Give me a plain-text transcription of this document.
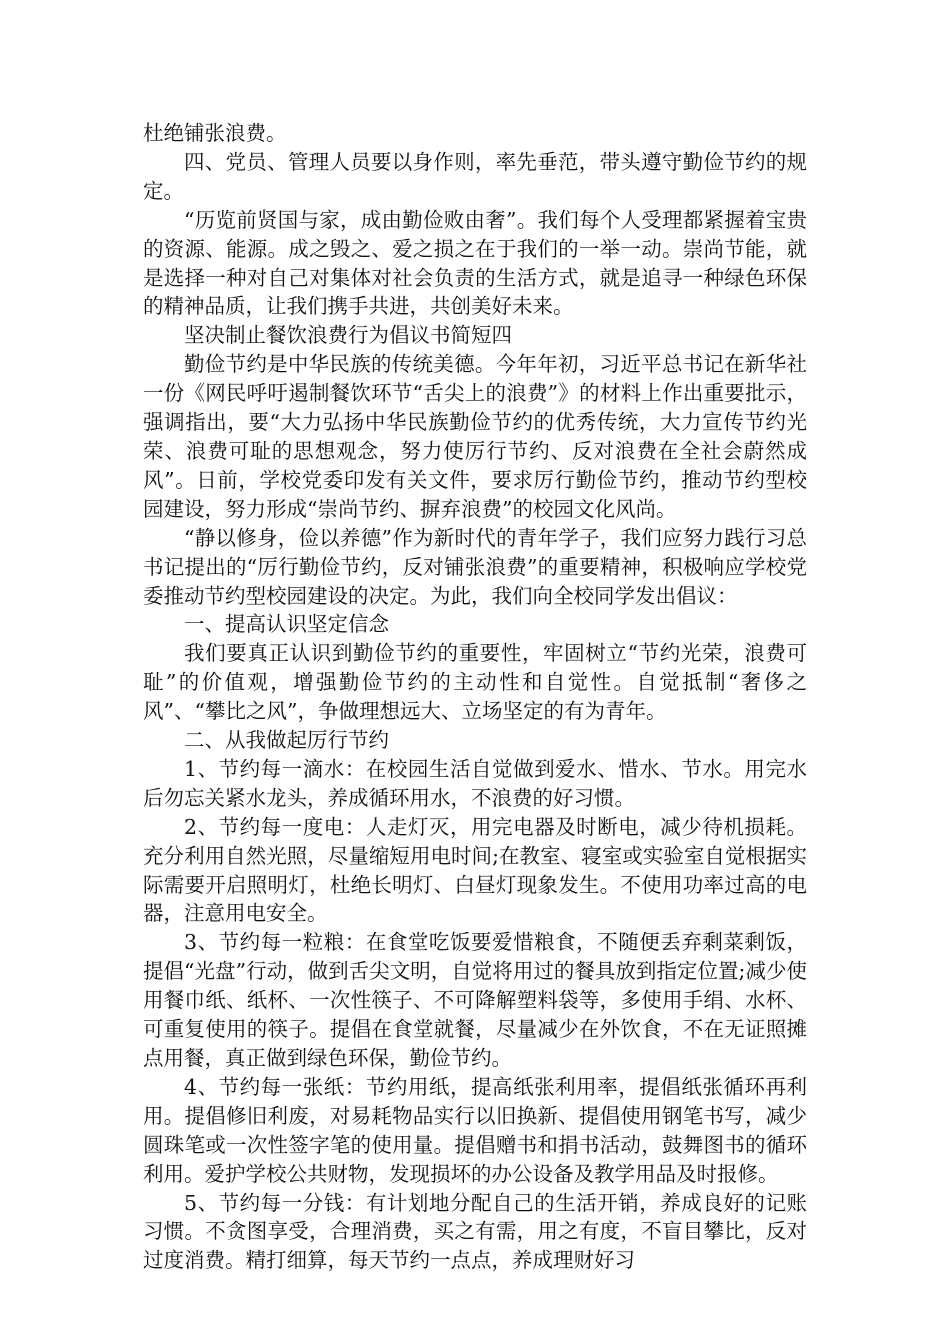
杜绝铺张浪费。

四、党员、管理人员要以身作则，率先垂范，带头遵守勤俭节约的规定。

“历览前贤国与家，成由勤俭败由奢”。我们每个人受理都紧握着宝贵的资源、能源。成之毁之、爱之损之在于我们的一举一动。崇尚节能，就是选择一种对自己对集体对社会负责的生活方式，就是追寻一种绿色环保的精神品质，让我们携手共进，共创美好未来。

坚决制止餐饮浪费行为倡议书简短四

勤俭节约是中华民族的传统美德。今年年初，习近平总书记在新华社一份《网民呼吁遏制餐饮环节“舌尖上的浪费”》的材料上作出重要批示，强调指出，要“大力弘扬中华民族勤俭节约的优秀传统，大力宣传节约光荣、浪费可耻的思想观念，努力使厉行节约、反对浪费在全社会蔚然成风”。日前，学校党委印发有关文件，要求厉行勤俭节约，推动节约型校园建设，努力形成“崇尚节约、摒弃浪费”的校园文化风尚。

“静以修身，俭以养德”作为新时代的青年学子，我们应努力践行习总书记提出的“厉行勤俭节约，反对铺张浪费”的重要精神，积极响应学校党委推动节约型校园建设的决定。为此，我们向全校同学发出倡议：

一、提高认识坚定信念

我们要真正认识到勤俭节约的重要性，牢固树立“节约光荣，浪费可耻”的价值观，增强勤俭节约的主动性和自觉性。自觉抵制“奢侈之风”、“攀比之风”，争做理想远大、立场坚定的有为青年。

二、从我做起厉行节约

1、节约每一滴水：在校园生活自觉做到爱水、惜水、节水。用完水后勿忘关紧水龙头，养成循环用水，不浪费的好习惯。

2、节约每一度电：人走灯灭，用完电器及时断电，减少待机损耗。充分利用自然光照，尽量缩短用电时间;在教室、寝室或实验室自觉根据实际需要开启照明灯，杜绝长明灯、白昼灯现象发生。不使用功率过高的电器，注意用电安全。

3、节约每一粒粮：在食堂吃饭要爱惜粮食，不随便丢弃剩菜剩饭，提倡“光盘”行动，做到舌尖文明，自觉将用过的餐具放到指定位置;减少使用餐巾纸、纸杯、一次性筷子、不可降解塑料袋等，多使用手绢、水杯、可重复使用的筷子。提倡在食堂就餐，尽量减少在外饮食，不在无证照摊点用餐，真正做到绿色环保，勤俭节约。

4、节约每一张纸：节约用纸，提高纸张利用率，提倡纸张循环再利用。提倡修旧利废，对易耗物品实行以旧换新、提倡使用钢笔书写，减少圆珠笔或一次性签字笔的使用量。提倡赠书和捐书活动，鼓舞图书的循环利用。爱护学校公共财物，发现损坏的办公设备及教学用品及时报修。

5、节约每一分钱：有计划地分配自己的生活开销，养成良好的记账习惯。不贪图享受，合理消费，买之有需，用之有度，不盲目攀比，反对过度消费。精打细算，每天节约一点点，养成理财好习
